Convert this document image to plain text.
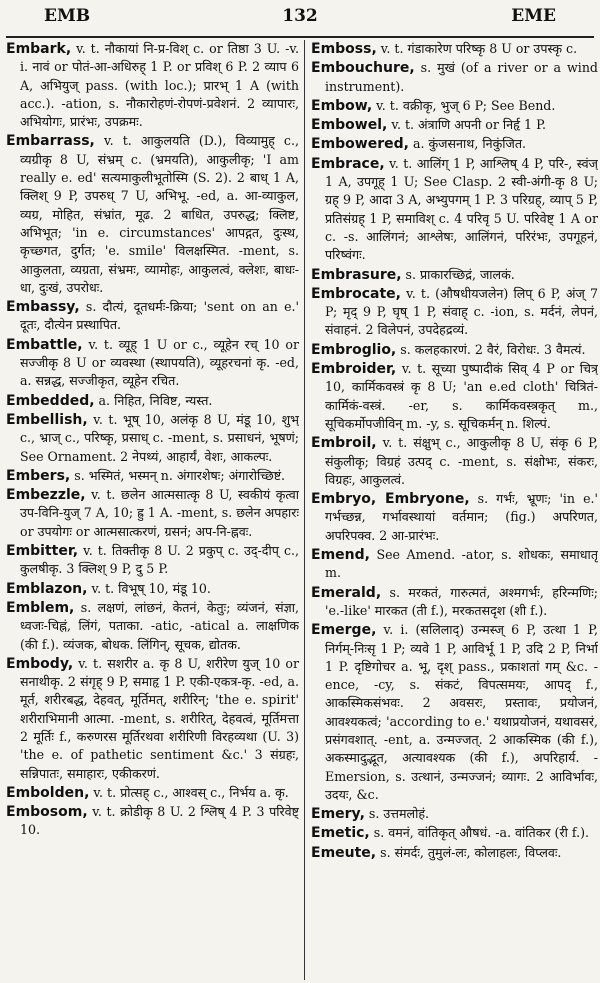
EMB	132	EME

Embark, v. t. नौकायां नि-प्र-विश् c. or तिष्ठा 3 U. -v. i. नावं or पोतं-आ-अधिरुह् 1 P. or प्रविश् 6 P. 2 व्याप 6 A, अभियुज् pass. (with loc.); प्रारभ् 1 A (with acc.). -ation, s. नौकारोहणं-रोपणं-प्रवेशनं. 2 व्यापारः, अभियोगः, प्रारंभः, उपक्रमः.

Embarrass, v. t. आकुलयति (D.), विव्यामुह् c., व्यग्रीकृ 8 U, संभ्रम् c. (भ्रमयति), आकुलीकृ; 'I am really e. ed' सत्यमाकुलीभूतोस्मि (S. 2). 2 बाध् 1 A, क्लिश् 9 P, उपरुध् 7 U, अभिभू. -ed, a. आ-व्याकुल, व्यग्र, मोहित, संभ्रांत, मूढ. 2 बाधित, उपरुद्ध; क्लिष्ट, अभिभूत; 'in e. circumstances' आपद्गत, दुःस्थ, कृच्छ्गत, दुर्गत; 'e. smile' विलक्षस्मित. -ment, s. आकुलता, व्यग्रता, संभ्रमः, व्यामोहः, आकुलत्वं, क्लेशः, बाधः-धा, दुःखं, उपरोधः.

Embassy, s. दौत्यं, दूतधर्मः-क्रिया; 'sent on an e.' दूतः, दौत्येन प्रस्थापित.

Embattle, v. t. व्यूह् 1 U or c., व्यूहेन रच् 10 or सज्जीकृ 8 U or व्यवस्था (स्थापयति), व्यूहरचनां कृ. -ed, a. सन्नद्ध, सज्जीकृत, व्यूहेन रचित.

Embedded, a. निहित, निविष्ट, न्यस्त.

Embellish, v. t. भूष् 10, अलंकृ 8 U, मंडू 10, शुभ् c., भ्राज् c., परिष्कृ, प्रसाध् c. -ment, s. प्रसाधनं, भूषणं; See Ornament. 2 नेपथ्यं, आहार्यं, वेशः, आकल्पः.

Embers, s. भस्मितं, भस्मन् n. अंगारशेषः; अंगारोच्छिष्टं.

Embezzle, v. t. छलेन आत्मसात्कृ 8 U, स्वकीयं कृत्वा उप-विनि-युज् 7 A, 10; ह्रु 1 A. -ment, s. छलेन अपहारः or उपयोगः or आत्मसात्करणं, ग्रसनं; अप-नि-ह्नवः.

Embitter, v. t. तिक्तीकृ 8 U. 2 प्रकुप् c. उद्-दीप् c., कुलषीकृ. 3 क्लिश् 9 P, दु 5 P.

Emblazon, v. t. विभूष् 10, मंडू 10.

Emblem, s. लक्षणं, लांछनं, केतनं, केतुः; व्यंजनं, संज्ञा, ध्वजः-चिह्नं, लिंगं, पताका. -atic, -atical a. लाक्षणिक (की f.). व्यंजक, बोधक. लिंगिन्, सूचक, द्योतक.

Embody, v. t. सशरीर a. कृ 8 U, शरीरेण युज् 10 or सनाथीकृ. 2 संगृह् 9 P, समाहृ 1 P. एकी-एकत्र-कृ. -ed, a. मूर्त, शरीरबद्ध, देहवत्, मूर्तिमत्, शरीरिन्; 'the e. spirit' शरीराभिमानी आत्मा. -ment, s. शरीरित्, देहवत्वं, मूर्तिमत्ता 2 मूर्तिः f., करुणरस मूर्तिरथवा शरीरिणी विरहव्यथा (U. 3) 'the e. of pathetic sentiment &c.' 3 संग्रहः, सन्निपातः, समाहारः, एकीकरणं.

Embolden, v. t. प्रोत्सह् c., आश्वस् c., निर्भय a. कृ.

Embosom, v. t. क्रोडीकृ 8 U. 2 श्लिष् 4 P. 3 परिवेष्ट् 10.

Emboss, v. t. गंडाकारेण परिष्कृ 8 U or उपस्कृ c.

Embouchure, s. मुखं (of a river or a wind instrument).

Embow, v. t. वक्रीकृ, भुज् 6 P; See Bend.

Embowel, v. t. अंत्राणि अपनी or निर्हृ 1 P.

Embowered, a. कुंजसनाथ, निकुंजित.

Embrace, v. t. आलिंग् 1 P, आश्लिष् 4 P, परि-, स्वंज् 1 A, उपगूह् 1 U; See Clasp. 2 स्वी-अंगी-कृ 8 U; ग्रह् 9 P, आदा 3 A, अभ्युपगम् 1 P. 3 परिग्रह्, व्याप् 5 P, प्रतिसंग्रह् 1 P, समाविश् c. 4 परिवृ 5 U. परिवेष्ट् 1 A or c. -s. आलिंगनं; आश्लेषः, आलिंगनं, परिरंभः, उपगूहनं, परिष्वंगः.

Embrasure, s. प्राकारच्छिद्रं, जालकं.

Embrocate, v. t. (औषधीयजलेन) लिप् 6 P, अंज् 7 P; मृद् 9 P, घृष् 1 P, संवाह् c. -ion, s. मर्दनं, लेपनं, संवाहनं. 2 विलेपनं, उपदेहद्रव्यं.

Embroglio, s. कलहकारणं. 2 वैरं, विरोधः. 3 वैमत्यं.

Embroider, v. t. सूच्या पुष्पादीकं सिव् 4 P or चित्र् 10, कार्मिकवस्त्रं कृ 8 U; 'an e.ed cloth' चित्रितं-कार्मिकं-वस्त्रं. -er, s. कार्मिकवस्त्रकृत् m., सूचिकर्मोपजीविन् m. -y, s. सूचिकर्मन् n. शिल्पं.

Embroil, v. t. संक्षुभ् c., आकुलीकृ 8 U, संकृ 6 P, संकुलीकृ; विग्रहं उत्पद् c. -ment, s. संक्षोभः, संकरः, विग्रहः, आकुलत्वं.

Embryo, Embryone, s. गर्भः, भ्रूणः; 'in e.' गर्भच्छन्न, गर्भावस्थायां वर्तमान; (fig.) अपरिणत, अपरिपक्व. 2 आ-प्रारंभः.

Emend, See Amend. -ator, s. शोधकः, समाधातृ m.

Emerald, s. मरकतं, गारुत्मतं, अश्मगर्भः, हरिन्मणिः; 'e.-like' मारकत (ती f.), मरकतसदृश (शी f.).

Emerge, v. i. (सलिलाद्) उन्मस्ज् 6 P, उत्था 1 P, निर्गम्-निःसृ 1 P; व्यवे 1 P, आविर्भू 1 P, उदि 2 P, निर्भा 1 P. दृष्टिगोचर a. भू, दृश् pass., प्रकाशतां गम् &c. -ence, -cy, s. संकटं, विपत्समयः, आपद् f., आकस्मिकसंभवः. 2 अवसरः, प्रस्तावः, प्रयोजनं, आवश्यकत्वं; 'according to e.' यथाप्रयोजनं, यथावसरं, प्रसंगवशात्. -ent, a. उन्मज्जत्. 2 आकस्मिक (की f.), अकस्मादुद्भूत, अत्यावश्यक (की f.), अपरिहार्य. -Emersion, s. उत्थानं, उन्मज्जनं; व्यागः. 2 आविर्भावः, उदयः, &c.

Emery, s. उत्तमलोहं.

Emetic, s. वमनं, वांतिकृत् औषधं. -a. वांतिकर (री f.).

Emeute, s. संमर्दः, तुमुलं-लः, कोलाहलः, विप्लवः.
